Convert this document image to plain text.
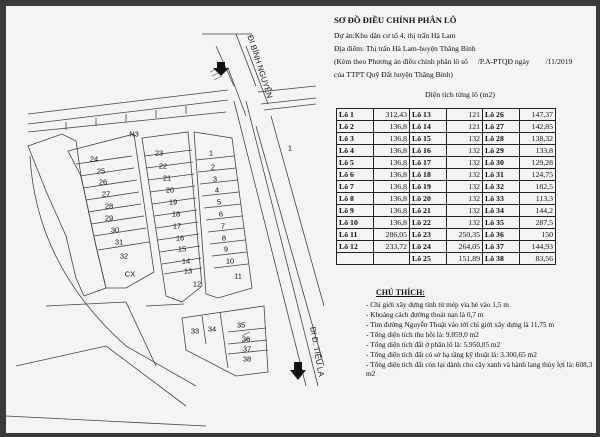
ĐI BÌNH NGUYÊN
ĐI Đ. TIÊU LA
N3
1
CX
24
25
26
27
28
29
30
31
32
23
22
21
20
19
18
17
16
15
14
13
12
1
2
3
4
5
6
7
8
9
10
11
33 34	35
36
37
38
SƠ ĐỒ ĐIỀU CHỈNH PHÂN LÔ
Dự án:Khu dân cư tổ 4, thị trấn Hà Lam
Địa điểm: Thị trấn Hà Lam-huyện Thăng Bình
(Kèm theo Phương án điều chỉnh phân lô số /P.A-PTQĐ ngày /11/2019
của TTPT Quỹ Đất huyện Thăng Bình)
Diện tích từng lô (m2)
Lô 1	312,43	Lô 13	121	Lô 26	147,37
Lô 2	136,8	Lô 14	121	Lô 27	142,85
Lô 3	136,8	Lô 15	132	Lô 28	138,32
Lô 4	136,8	Lô 16	132	Lô 29	133,8
Lô 5	136,8	Lô 17	132	Lô 30	129,28
Lô 6	136,8	Lô 18	132	Lô 31	124,75
Lô 7	136,8	Lô 19	132	Lô 32	182,5
Lô 8	136,8	Lô 20	132	Lô 33	113,3
Lô 9	136,8	Lô 21	132	Lô 34	144,2
Lô 10	136,8	Lô 22	132	Lô 35	287,5
Lô 11	286,05	Lô 23	250,35	Lô 36	150
Lô 12	233,72	Lô 24	264,05	Lô 37	144,93
		Lô 25	151,89	Lô 38	83,56
CHÚ THÍCH:
- Chỉ giới xây dựng tính từ mép vỉa hè vào 1,5 m
- Khoảng cách đường thoát nạn là 0,7 m
- Tim đường Nguyễn Thuật vào tới chỉ giới xây dựng là 11,75 m
- Tổng diện tích thu hồi là: 9.859,0 m2
- Tổng diện tích đất ở phân lô là: 5.950,05 m2
- Tổng diện tích đất có sở hạ tầng kỹ thuật là: 3.300,65 m2
- Tổng diện tích đất còn lại dành cho cây xanh và hành lang thủy lợi là: 608,3 m2
